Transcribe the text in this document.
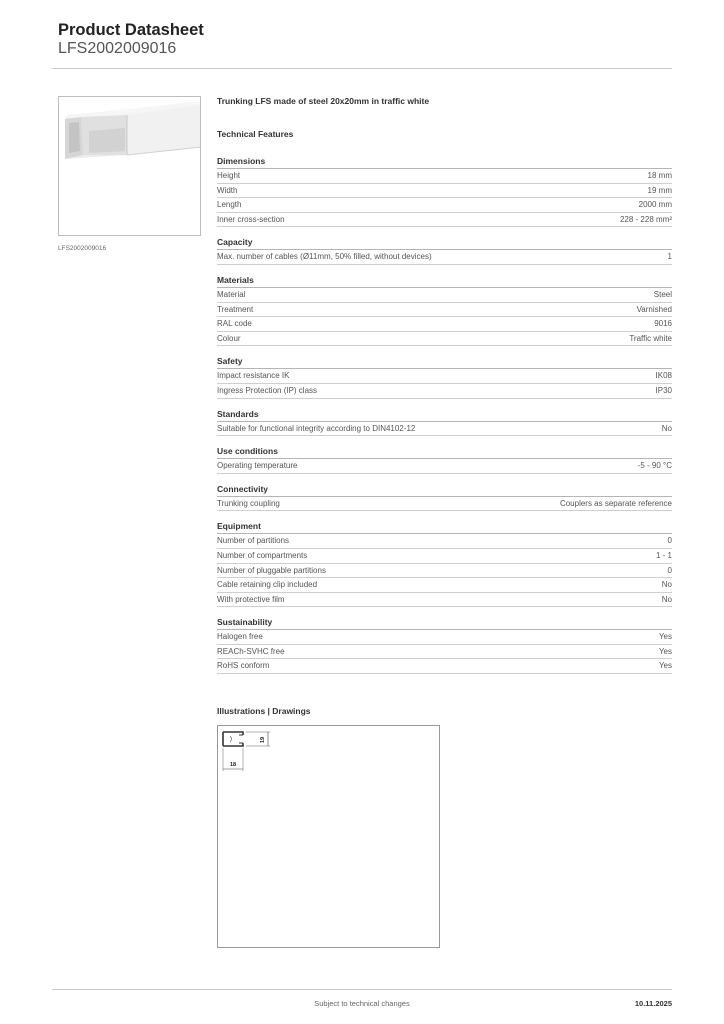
Product Datasheet
LFS2002009016
LFS2002009016
Trunking LFS made of steel 20x20mm in traffic white
Technical Features
Dimensions
Height	18 mm
Width	19 mm
Length	2000 mm
Inner cross-section	228 - 228 mm²
Capacity
Max. number of cables (Ø11mm, 50% filled, without devices)	1
Materials
Material	Steel
Treatment	Varnished
RAL code	9016
Colour	Traffic white
Safety
Impact resistance IK	IK08
Ingress Protection (IP) class	IP30
Standards
Suitable for functional integrity according to DIN4102-12	No
Use conditions
Operating temperature	-5 - 90 °C
Connectivity
Trunking coupling	Couplers as separate reference
Equipment
Number of partitions	0
Number of compartments	1 - 1
Number of pluggable partitions	0
Cable retaining clip included	No
With protective film	No
Sustainability
Halogen free	Yes
REACh-SVHC free	Yes
RoHS conform	Yes
Illustrations | Drawings
19
18
Subject to technical changes	10.11.2025
